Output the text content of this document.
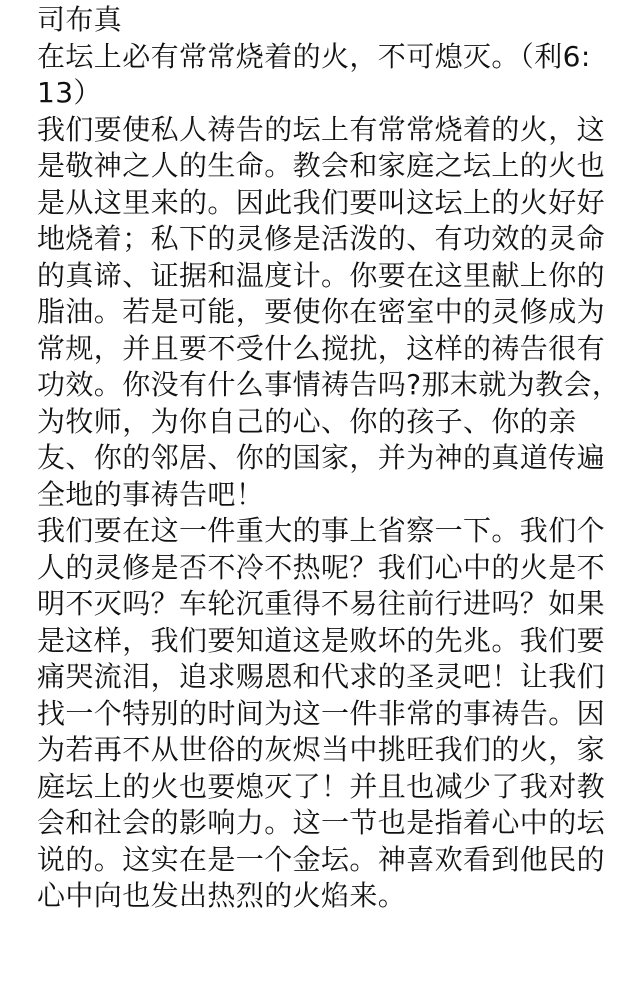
司布真
在坛上必有常常烧着的火，不可熄灭。（利6:
13）
我们要使私人祷告的坛上有常常烧着的火，这
是敬神之人的生命。教会和家庭之坛上的火也
是从这里来的。因此我们要叫这坛上的火好好
地烧着；私下的灵修是活泼的、有功效的灵命
的真谛、证据和温度计。你要在这里献上你的
脂油。若是可能，要使你在密室中的灵修成为
常规，并且要不受什么搅扰，这样的祷告很有
功效。你没有什么事情祷告吗?那末就为教会，
为牧师，为你自己的心、你的孩子、你的亲
友、你的邻居、你的国家，并为神的真道传遍
全地的事祷告吧！
我们要在这一件重大的事上省察一下。我们个
人的灵修是否不冷不热呢？我们心中的火是不
明不灭吗？车轮沉重得不易往前行进吗？如果
是这样，我们要知道这是败坏的先兆。我们要
痛哭流泪，追求赐恩和代求的圣灵吧！让我们
找一个特别的时间为这一件非常的事祷告。因
为若再不从世俗的灰烬当中挑旺我们的火，家
庭坛上的火也要熄灭了！并且也减少了我对教
会和社会的影响力。这一节也是指着心中的坛
说的。这实在是一个金坛。神喜欢看到他民的
心中向也发出热烈的火焰来。
